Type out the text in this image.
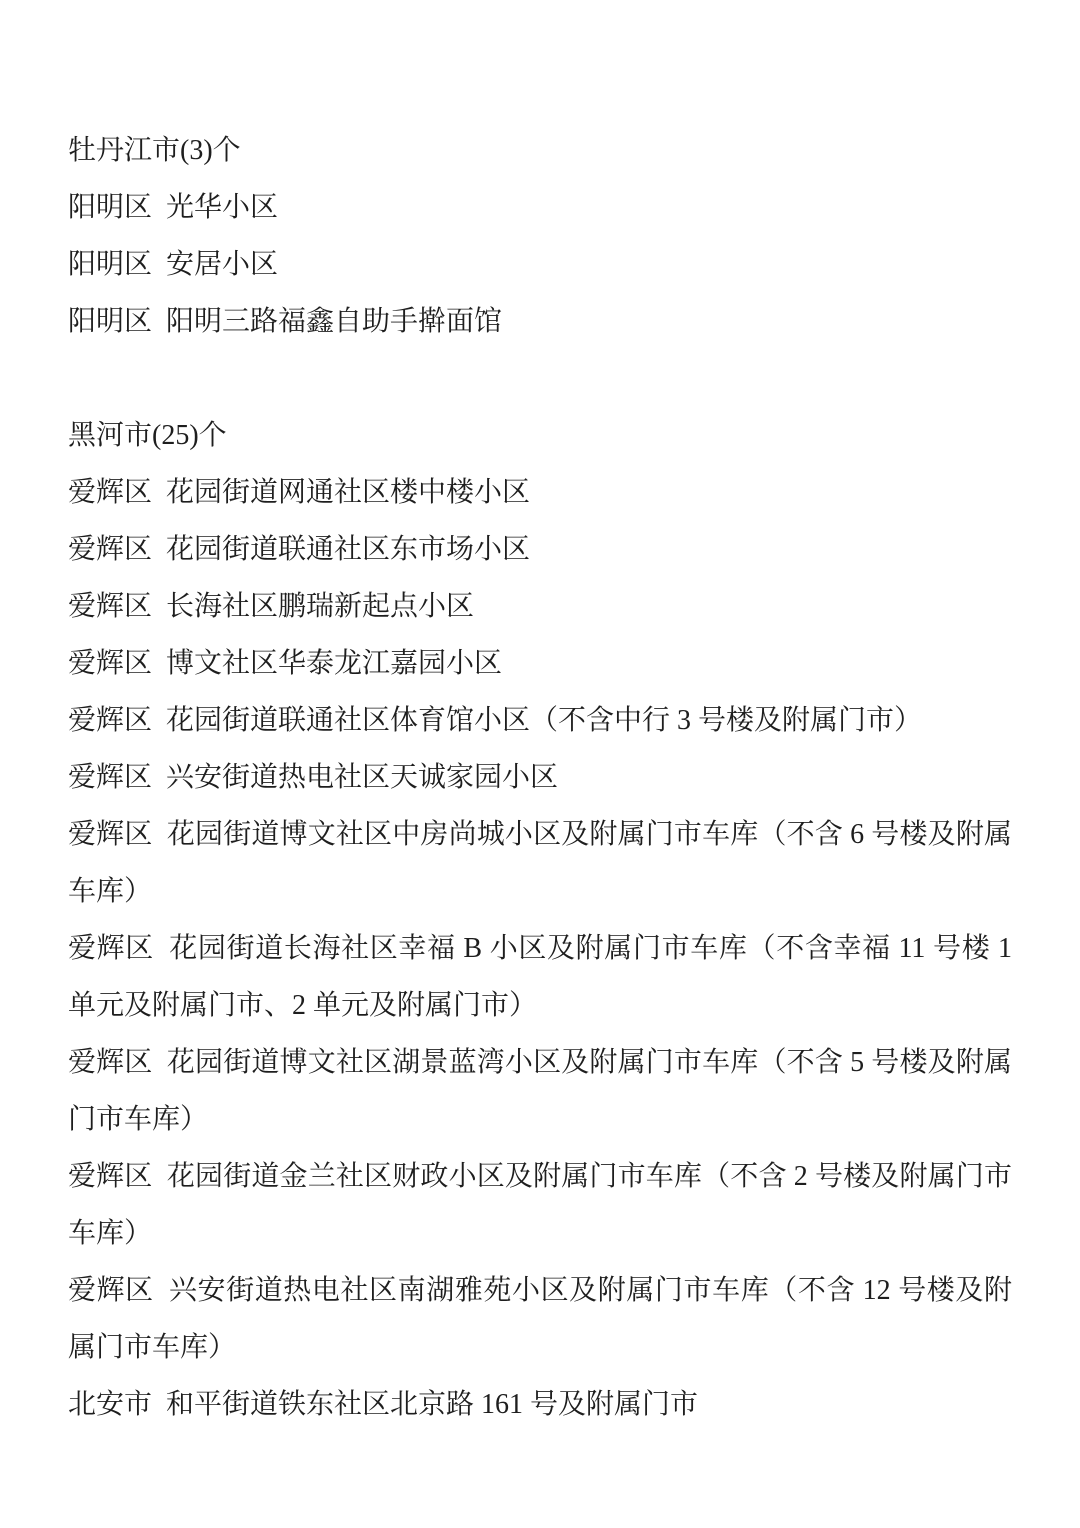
牡丹江市(3)个

阳明区  光华小区

阳明区  安居小区

阳明区  阳明三路福鑫自助手擀面馆

黑河市(25)个

爱辉区  花园街道网通社区楼中楼小区

爱辉区  花园街道联通社区东市场小区

爱辉区  长海社区鹏瑞新起点小区

爱辉区  博文社区华泰龙江嘉园小区

爱辉区  花园街道联通社区体育馆小区（不含中行 3 号楼及附属门市）

爱辉区  兴安街道热电社区天诚家园小区

爱辉区  花园街道博文社区中房尚城小区及附属门市车库（不含 6 号楼及附属车库）

爱辉区  花园街道长海社区幸福 B 小区及附属门市车库（不含幸福 11 号楼 1 单元及附属门市、2 单元及附属门市）

爱辉区  花园街道博文社区湖景蓝湾小区及附属门市车库（不含 5 号楼及附属门市车库）

爱辉区  花园街道金兰社区财政小区及附属门市车库（不含 2 号楼及附属门市车库）

爱辉区  兴安街道热电社区南湖雅苑小区及附属门市车库（不含 12 号楼及附属门市车库）

北安市  和平街道铁东社区北京路 161 号及附属门市
